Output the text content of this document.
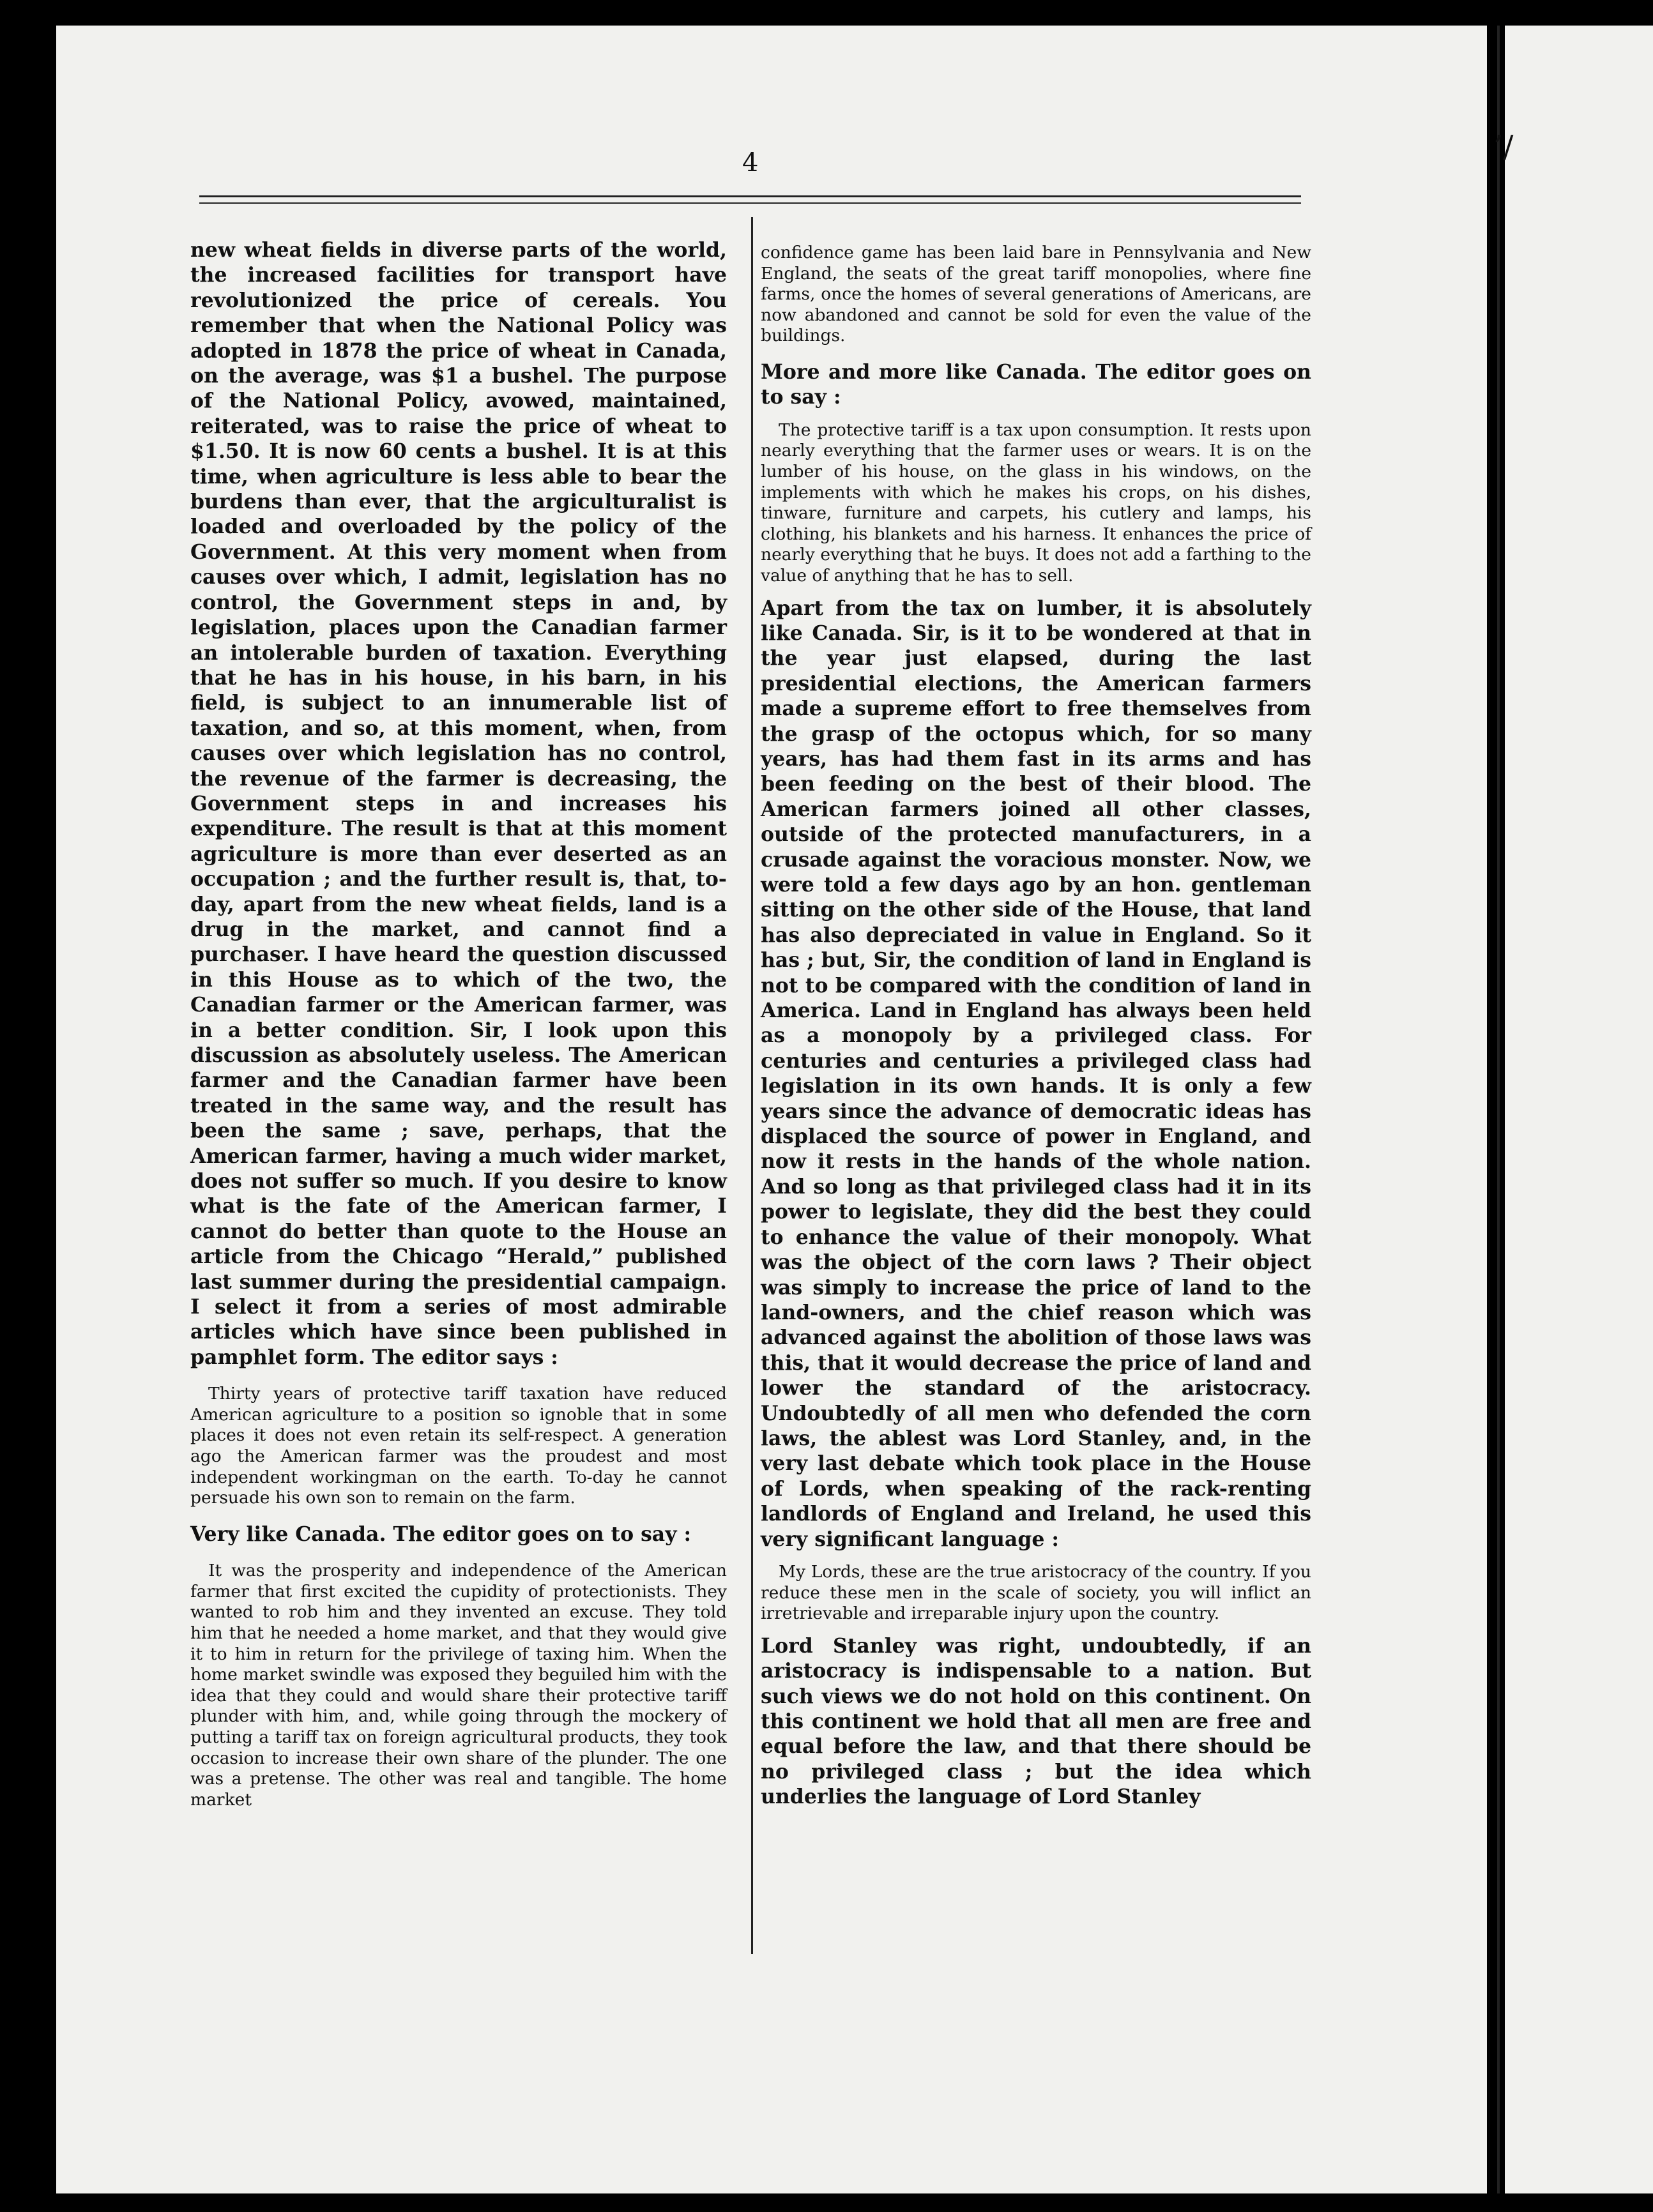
’/
4

new wheat fields in diverse parts of the world, the increased facilities for transport have revolutionized the price of cereals. You remember that when the National Policy was adopted in 1878 the price of wheat in Canada, on the average, was $1 a bushel. The purpose of the National Policy, avowed, maintained, reiterated, was to raise the price of wheat to $1.50. It is now 60 cents a bushel. It is at this time, when agriculture is less able to bear the burdens than ever, that the argiculturalist is loaded and overloaded by the policy of the Government. At this very moment when from causes over which, I admit, legislation has no control, the Government steps in and, by legislation, places upon the Canadian farmer an intolerable burden of taxation. Everything that he has in his house, in his barn, in his field, is subject to an innumerable list of taxation, and so, at this moment, when, from causes over which legislation has no control, the revenue of the farmer is decreasing, the Government steps in and increases his expenditure. The result is that at this moment agriculture is more than ever deserted as an occupation ; and the further result is, that, to-day, apart from the new wheat fields, land is a drug in the market, and cannot find a purchaser. I have heard the question discussed in this House as to which of the two, the Canadian farmer or the American farmer, was in a better condition. Sir, I look upon this discussion as absolutely useless. The American farmer and the Canadian farmer have been treated in the same way, and the result has been the same ; save, perhaps, that the American farmer, having a much wider market, does not suffer so much. If you desire to know what is the fate of the American farmer, I cannot do better than quote to the House an article from the Chicago “Herald,” published last summer during the presidential campaign. I select it from a series of most admirable articles which have since been published in pamphlet form. The editor says :

Thirty years of protective tariff taxation have reduced American agriculture to a position so ignoble that in some places it does not even retain its self-respect. A generation ago the American farmer was the proudest and most independent workingman on the earth. To-day he cannot persuade his own son to remain on the farm.

Very like Canada. The editor goes on to say :

It was the prosperity and independence of the American farmer that first excited the cupidity of protectionists. They wanted to rob him and they invented an excuse. They told him that he needed a home market, and that they would give it to him in return for the privilege of taxing him. When the home market swindle was exposed they beguiled him with the idea that they could and would share their protective tariff plunder with him, and, while going through the mockery of putting a tariff tax on foreign agricultural products, they took occasion to increase their own share of the plunder. The one was a pretense. The other was real and tangible. The home market

confidence game has been laid bare in Pennsylvania and New England, the seats of the great tariff monopolies, where fine farms, once the homes of several generations of Americans, are now abandoned and cannot be sold for even the value of the buildings.

More and more like Canada. The editor goes on to say :

The protective tariff is a tax upon consumption. It rests upon nearly everything that the farmer uses or wears. It is on the lumber of his house, on the glass in his windows, on the implements with which he makes his crops, on his dishes, tinware, furniture and carpets, his cutlery and lamps, his clothing, his blankets and his harness. It enhances the price of nearly everything that he buys. It does not add a farthing to the value of anything that he has to sell.

Apart from the tax on lumber, it is absolutely like Canada. Sir, is it to be wondered at that in the year just elapsed, during the last presidential elections, the American farmers made a supreme effort to free themselves from the grasp of the octopus which, for so many years, has had them fast in its arms and has been feeding on the best of their blood. The American farmers joined all other classes, outside of the protected manufacturers, in a crusade against the voracious monster. Now, we were told a few days ago by an hon. gentleman sitting on the other side of the House, that land has also depreciated in value in England. So it has ; but, Sir, the condition of land in England is not to be compared with the condition of land in America. Land in England has always been held as a monopoly by a privileged class. For centuries and centuries a privileged class had legislation in its own hands. It is only a few years since the advance of democratic ideas has displaced the source of power in England, and now it rests in the hands of the whole nation. And so long as that privileged class had it in its power to legislate, they did the best they could to enhance the value of their monopoly. What was the object of the corn laws ? Their object was simply to increase the price of land to the land-owners, and the chief reason which was advanced against the abolition of those laws was this, that it would decrease the price of land and lower the standard of the aristocracy. Undoubtedly of all men who defended the corn laws, the ablest was Lord Stanley, and, in the very last debate which took place in the House of Lords, when speaking of the rack-renting landlords of England and Ireland, he used this very significant language :

My Lords, these are the true aristocracy of the country. If you reduce these men in the scale of society, you will inflict an irretrievable and irreparable injury upon the country.

Lord Stanley was right, undoubtedly, if an aristocracy is indispensable to a nation. But such views we do not hold on this continent. On this continent we hold that all men are free and equal before the law, and that there should be no privileged class ; but the idea which underlies the language of Lord Stanley
